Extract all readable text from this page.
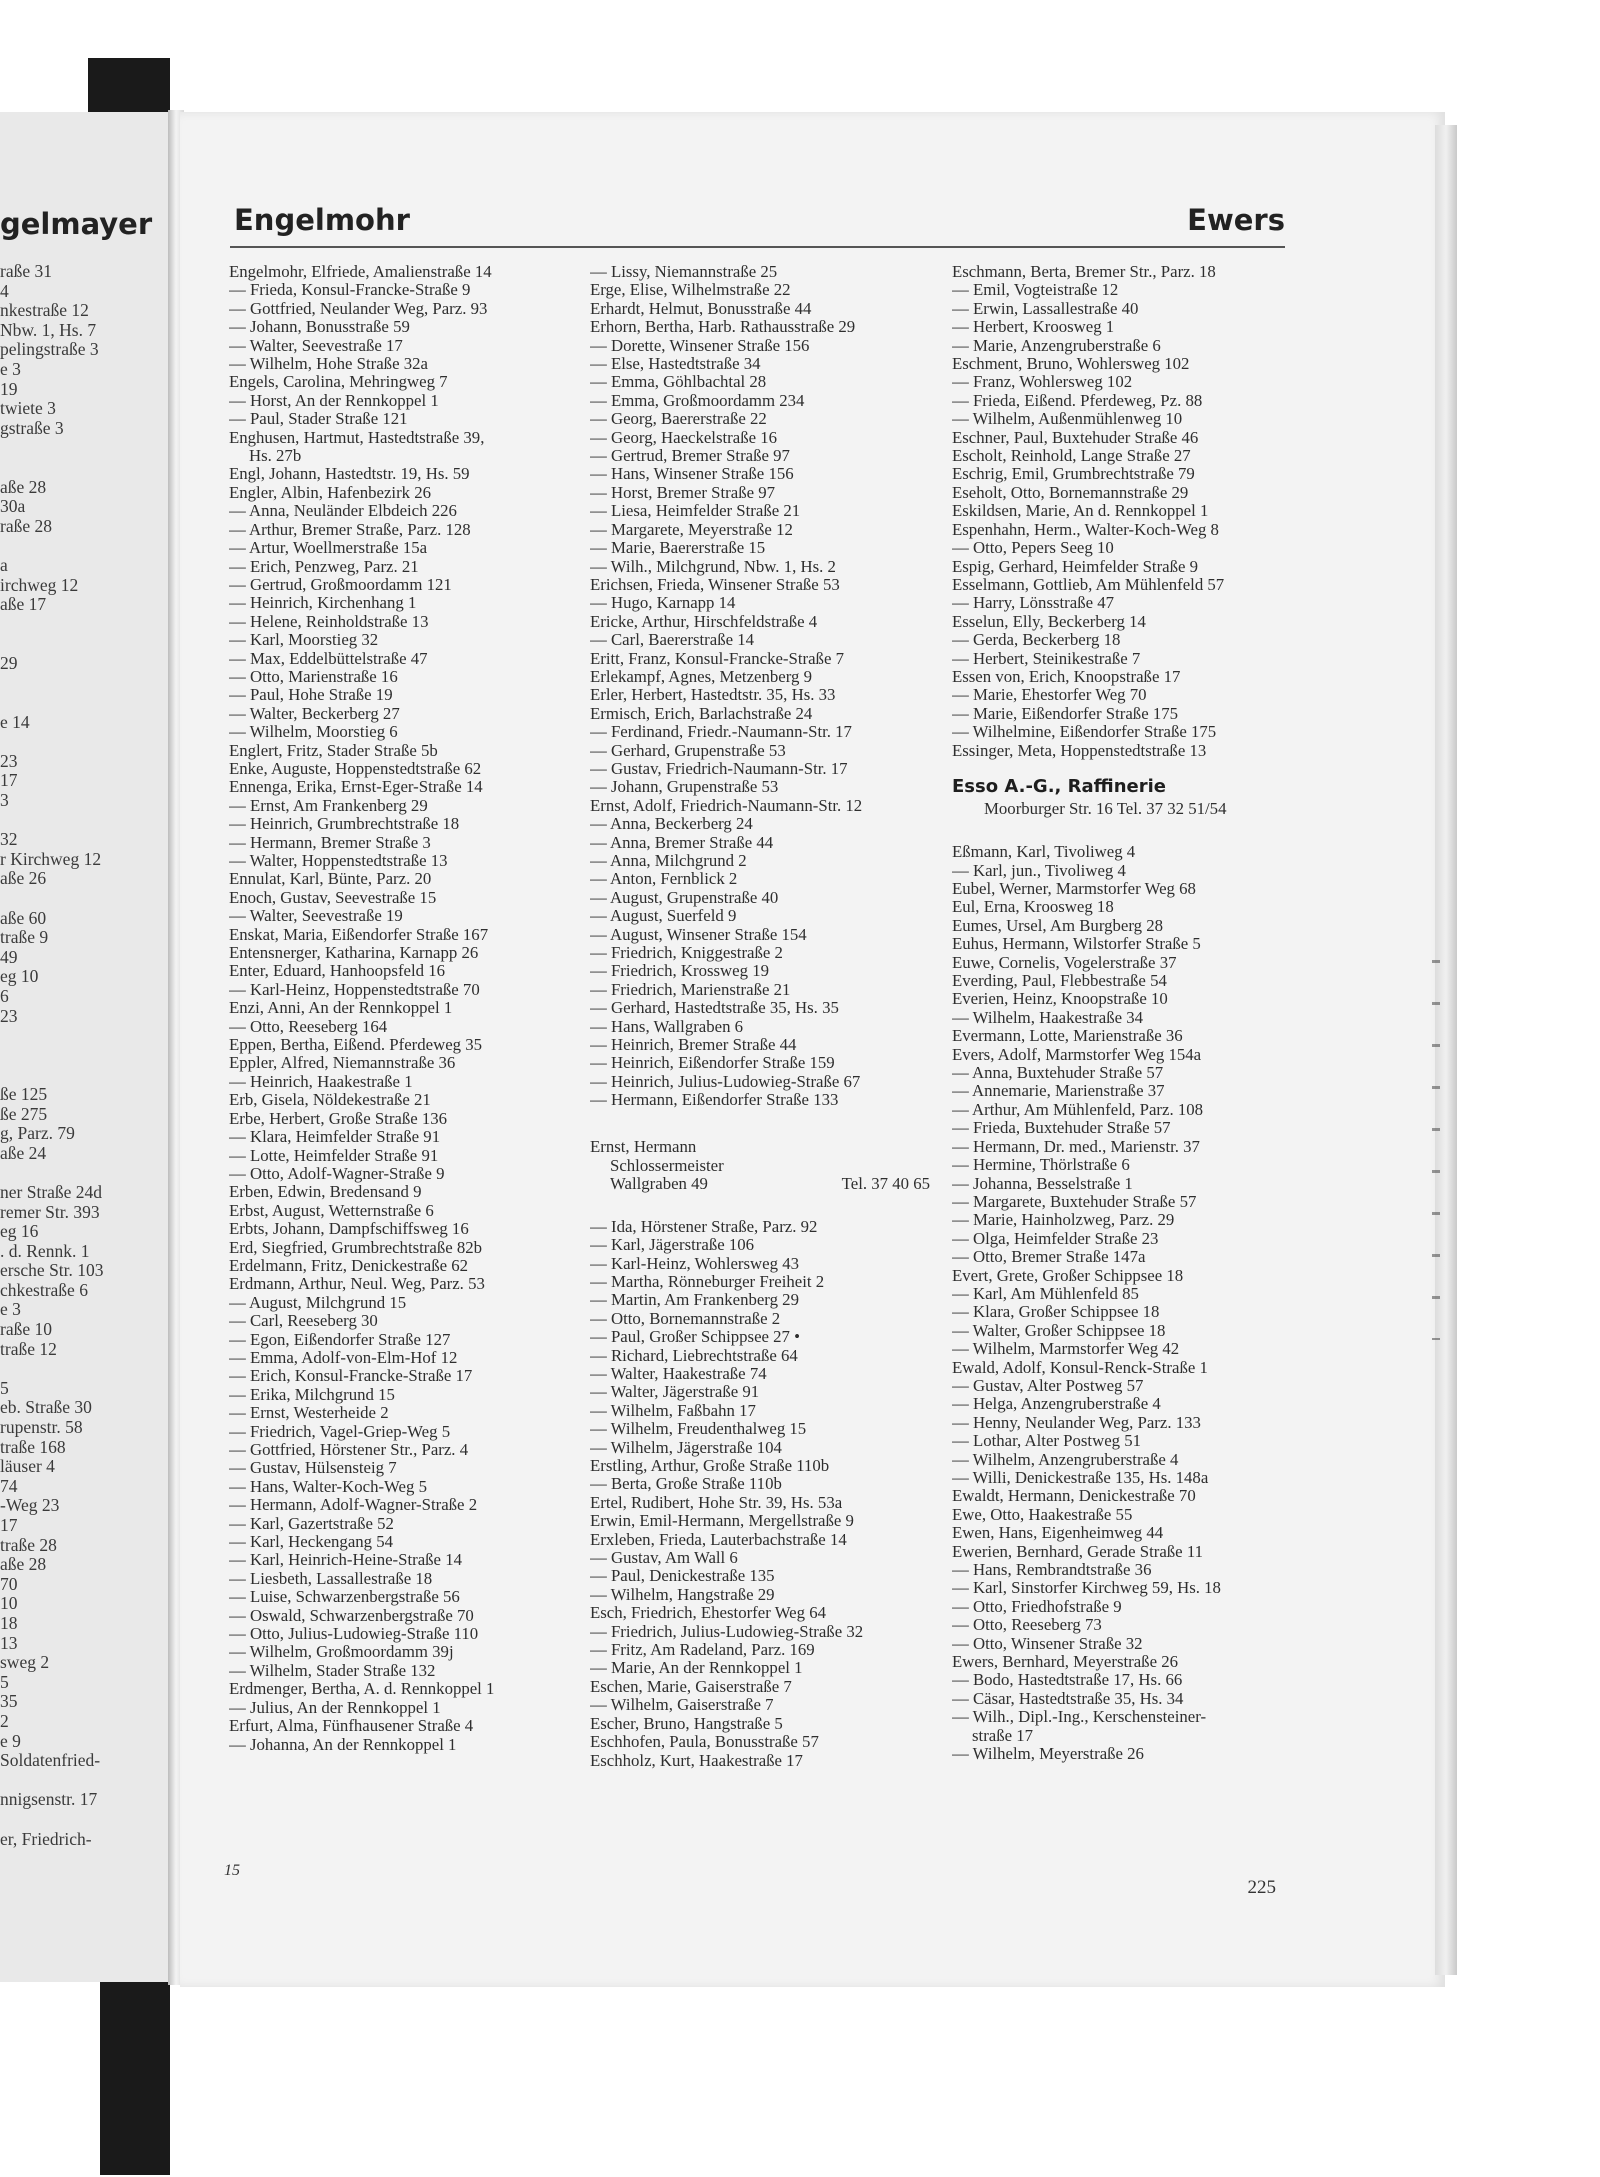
gelmayer
raße 31
4
nkestraße 12
Nbw. 1, Hs. 7
pelingstraße 3
e 3
19
twiete 3
gstraße 3
aße 28
30a
raße 28
a
irchweg 12
aße 17
29
e 14
23
17
3
32
r Kirchweg 12
aße 26
aße 60
traße 9
49
eg 10
6
23
ße 125
ße 275
g, Parz. 79
aße 24
ner Straße 24d
remer Str. 393
eg 16
. d. Rennk. 1
ersche Str. 103
chkestraße 6
e 3
raße 10
traße 12
5
eb. Straße 30
rupenstr. 58
traße 168
läuser 4
74
-Weg 23
17
traße 28
aße 28
70
10
18
13
sweg 2
5
35
2
e 9
Soldatenfried-
nnigsenstr. 17
er, Friedrich-
Engelmohr	Ewers
Engelmohr, Elfriede, Amalienstraße 14
— Frieda, Konsul-Francke-Straße 9
— Gottfried, Neulander Weg, Parz. 93
— Johann, Bonusstraße 59
— Walter, Seevestraße 17
— Wilhelm, Hohe Straße 32a
Engels, Carolina, Mehringweg 7
— Horst, An der Rennkoppel 1
— Paul, Stader Straße 121
Enghusen, Hartmut, Hastedtstraße 39,
Hs. 27b
Engl, Johann, Hastedtstr. 19, Hs. 59
Engler, Albin, Hafenbezirk 26
— Anna, Neuländer Elbdeich 226
— Arthur, Bremer Straße, Parz. 128
— Artur, Woellmerstraße 15a
— Erich, Penzweg, Parz. 21
— Gertrud, Großmoordamm 121
— Heinrich, Kirchenhang 1
— Helene, Reinholdstraße 13
— Karl, Moorstieg 32
— Max, Eddelbüttelstraße 47
— Otto, Marienstraße 16
— Paul, Hohe Straße 19
— Walter, Beckerberg 27
— Wilhelm, Moorstieg 6
Englert, Fritz, Stader Straße 5b
Enke, Auguste, Hoppenstedtstraße 62
Ennenga, Erika, Ernst-Eger-Straße 14
— Ernst, Am Frankenberg 29
— Heinrich, Grumbrechtstraße 18
— Hermann, Bremer Straße 3
— Walter, Hoppenstedtstraße 13
Ennulat, Karl, Bünte, Parz. 20
Enoch, Gustav, Seevestraße 15
— Walter, Seevestraße 19
Enskat, Maria, Eißendorfer Straße 167
Entensnerger, Katharina, Karnapp 26
Enter, Eduard, Hanhoopsfeld 16
— Karl-Heinz, Hoppenstedtstraße 70
Enzi, Anni, An der Rennkoppel 1
— Otto, Reeseberg 164
Eppen, Bertha, Eißend. Pferdeweg 35
Eppler, Alfred, Niemannstraße 36
— Heinrich, Haakestraße 1
Erb, Gisela, Nöldekestraße 21
Erbe, Herbert, Große Straße 136
— Klara, Heimfelder Straße 91
— Lotte, Heimfelder Straße 91
— Otto, Adolf-Wagner-Straße 9
Erben, Edwin, Bredensand 9
Erbst, August, Wetternstraße 6
Erbts, Johann, Dampfschiffsweg 16
Erd, Siegfried, Grumbrechtstraße 82b
Erdelmann, Fritz, Denickestraße 62
Erdmann, Arthur, Neul. Weg, Parz. 53
— August, Milchgrund 15
— Carl, Reeseberg 30
— Egon, Eißendorfer Straße 127
— Emma, Adolf-von-Elm-Hof 12
— Erich, Konsul-Francke-Straße 17
— Erika, Milchgrund 15
— Ernst, Westerheide 2
— Friedrich, Vagel-Griep-Weg 5
— Gottfried, Hörstener Str., Parz. 4
— Gustav, Hülsensteig 7
— Hans, Walter-Koch-Weg 5
— Hermann, Adolf-Wagner-Straße 2
— Karl, Gazertstraße 52
— Karl, Heckengang 54
— Karl, Heinrich-Heine-Straße 14
— Liesbeth, Lassallestraße 18
— Luise, Schwarzenbergstraße 56
— Oswald, Schwarzenbergstraße 70
— Otto, Julius-Ludowieg-Straße 110
— Wilhelm, Großmoordamm 39j
— Wilhelm, Stader Straße 132
Erdmenger, Bertha, A. d. Rennkoppel 1
— Julius, An der Rennkoppel 1
Erfurt, Alma, Fünfhausener Straße 4
— Johanna, An der Rennkoppel 1
— Lissy, Niemannstraße 25
Erge, Elise, Wilhelmstraße 22
Erhardt, Helmut, Bonusstraße 44
Erhorn, Bertha, Harb. Rathausstraße 29
— Dorette, Winsener Straße 156
— Else, Hastedtstraße 34
— Emma, Göhlbachtal 28
— Emma, Großmoordamm 234
— Georg, Baererstraße 22
— Georg, Haeckelstraße 16
— Gertrud, Bremer Straße 97
— Hans, Winsener Straße 156
— Horst, Bremer Straße 97
— Liesa, Heimfelder Straße 21
— Margarete, Meyerstraße 12
— Marie, Baererstraße 15
— Wilh., Milchgrund, Nbw. 1, Hs. 2
Erichsen, Frieda, Winsener Straße 53
— Hugo, Karnapp 14
Ericke, Arthur, Hirschfeldstraße 4
— Carl, Baererstraße 14
Eritt, Franz, Konsul-Francke-Straße 7
Erlekampf, Agnes, Metzenberg 9
Erler, Herbert, Hastedtstr. 35, Hs. 33
Ermisch, Erich, Barlachstraße 24
— Ferdinand, Friedr.-Naumann-Str. 17
— Gerhard, Grupenstraße 53
— Gustav, Friedrich-Naumann-Str. 17
— Johann, Grupenstraße 53
Ernst, Adolf, Friedrich-Naumann-Str. 12
— Anna, Beckerberg 24
— Anna, Bremer Straße 44
— Anna, Milchgrund 2
— Anton, Fernblick 2
— August, Grupenstraße 40
— August, Suerfeld 9
— August, Winsener Straße 154
— Friedrich, Kniggestraße 2
— Friedrich, Krossweg 19
— Friedrich, Marienstraße 21
— Gerhard, Hastedtstraße 35, Hs. 35
— Hans, Wallgraben 6
— Heinrich, Bremer Straße 44
— Heinrich, Eißendorfer Straße 159
— Heinrich, Julius-Ludowieg-Straße 67
— Hermann, Eißendorfer Straße 133
Ernst, Hermann
Schlossermeister
Wallgraben 49	Tel. 37 40 65
— Ida, Hörstener Straße, Parz. 92
— Karl, Jägerstraße 106
— Karl-Heinz, Wohlersweg 43
— Martha, Rönneburger Freiheit 2
— Martin, Am Frankenberg 29
— Otto, Bornemannstraße 2
— Paul, Großer Schippsee 27 •
— Richard, Liebrechtstraße 64
— Walter, Haakestraße 74
— Walter, Jägerstraße 91
— Wilhelm, Faßbahn 17
— Wilhelm, Freudenthalweg 15
— Wilhelm, Jägerstraße 104
Erstling, Arthur, Große Straße 110b
— Berta, Große Straße 110b
Ertel, Rudibert, Hohe Str. 39, Hs. 53a
Erwin, Emil-Hermann, Mergellstraße 9
Erxleben, Frieda, Lauterbachstraße 14
— Gustav, Am Wall 6
— Paul, Denickestraße 135
— Wilhelm, Hangstraße 29
Esch, Friedrich, Ehestorfer Weg 64
— Friedrich, Julius-Ludowieg-Straße 32
— Fritz, Am Radeland, Parz. 169
— Marie, An der Rennkoppel 1
Eschen, Marie, Gaiserstraße 7
— Wilhelm, Gaiserstraße 7
Escher, Bruno, Hangstraße 5
Eschhofen, Paula, Bonusstraße 57
Eschholz, Kurt, Haakestraße 17
Eschmann, Berta, Bremer Str., Parz. 18
— Emil, Vogteistraße 12
— Erwin, Lassallestraße 40
— Herbert, Kroosweg 1
— Marie, Anzengruberstraße 6
Eschment, Bruno, Wohlersweg 102
— Franz, Wohlersweg 102
— Frieda, Eißend. Pferdeweg, Pz. 88
— Wilhelm, Außenmühlenweg 10
Eschner, Paul, Buxtehuder Straße 46
Escholt, Reinhold, Lange Straße 27
Eschrig, Emil, Grumbrechtstraße 79
Eseholt, Otto, Bornemannstraße 29
Eskildsen, Marie, An d. Rennkoppel 1
Espenhahn, Herm., Walter-Koch-Weg 8
— Otto, Pepers Seeg 10
Espig, Gerhard, Heimfelder Straße 9
Esselmann, Gottlieb, Am Mühlenfeld 57
— Harry, Lönsstraße 47
Esselun, Elly, Beckerberg 14
— Gerda, Beckerberg 18
— Herbert, Steinikestraße 7
Essen von, Erich, Knoopstraße 17
— Marie, Ehestorfer Weg 70
— Marie, Eißendorfer Straße 175
— Wilhelmine, Eißendorfer Straße 175
Essinger, Meta, Hoppenstedtstraße 13
Esso A.-G., Raffinerie
Moorburger Str. 16 Tel. 37 32 51/54
Eßmann, Karl, Tivoliweg 4
— Karl, jun., Tivoliweg 4
Eubel, Werner, Marmstorfer Weg 68
Eul, Erna, Kroosweg 18
Eumes, Ursel, Am Burgberg 28
Euhus, Hermann, Wilstorfer Straße 5
Euwe, Cornelis, Vogelerstraße 37
Everding, Paul, Flebbestraße 54
Everien, Heinz, Knoopstraße 10
— Wilhelm, Haakestraße 34
Evermann, Lotte, Marienstraße 36
Evers, Adolf, Marmstorfer Weg 154a
— Anna, Buxtehuder Straße 57
— Annemarie, Marienstraße 37
— Arthur, Am Mühlenfeld, Parz. 108
— Frieda, Buxtehuder Straße 57
— Hermann, Dr. med., Marienstr. 37
— Hermine, Thörlstraße 6
— Johanna, Besselstraße 1
— Margarete, Buxtehuder Straße 57
— Marie, Hainholzweg, Parz. 29
— Olga, Heimfelder Straße 23
— Otto, Bremer Straße 147a
Evert, Grete, Großer Schippsee 18
— Karl, Am Mühlenfeld 85
— Klara, Großer Schippsee 18
— Walter, Großer Schippsee 18
— Wilhelm, Marmstorfer Weg 42
Ewald, Adolf, Konsul-Renck-Straße 1
— Gustav, Alter Postweg 57
— Helga, Anzengruberstraße 4
— Henny, Neulander Weg, Parz. 133
— Lothar, Alter Postweg 51
— Wilhelm, Anzengruberstraße 4
— Willi, Denickestraße 135, Hs. 148a
Ewaldt, Hermann, Denickestraße 70
Ewe, Otto, Haakestraße 55
Ewen, Hans, Eigenheimweg 44
Ewerien, Bernhard, Gerade Straße 11
— Hans, Rembrandtstraße 36
— Karl, Sinstorfer Kirchweg 59, Hs. 18
— Otto, Friedhofstraße 9
— Otto, Reeseberg 73
— Otto, Winsener Straße 32
Ewers, Bernhard, Meyerstraße 26
— Bodo, Hastedtstraße 17, Hs. 66
— Cäsar, Hastedtstraße 35, Hs. 34
— Wilh., Dipl.-Ing., Kerschensteiner-
straße 17
— Wilhelm, Meyerstraße 26
15
225
